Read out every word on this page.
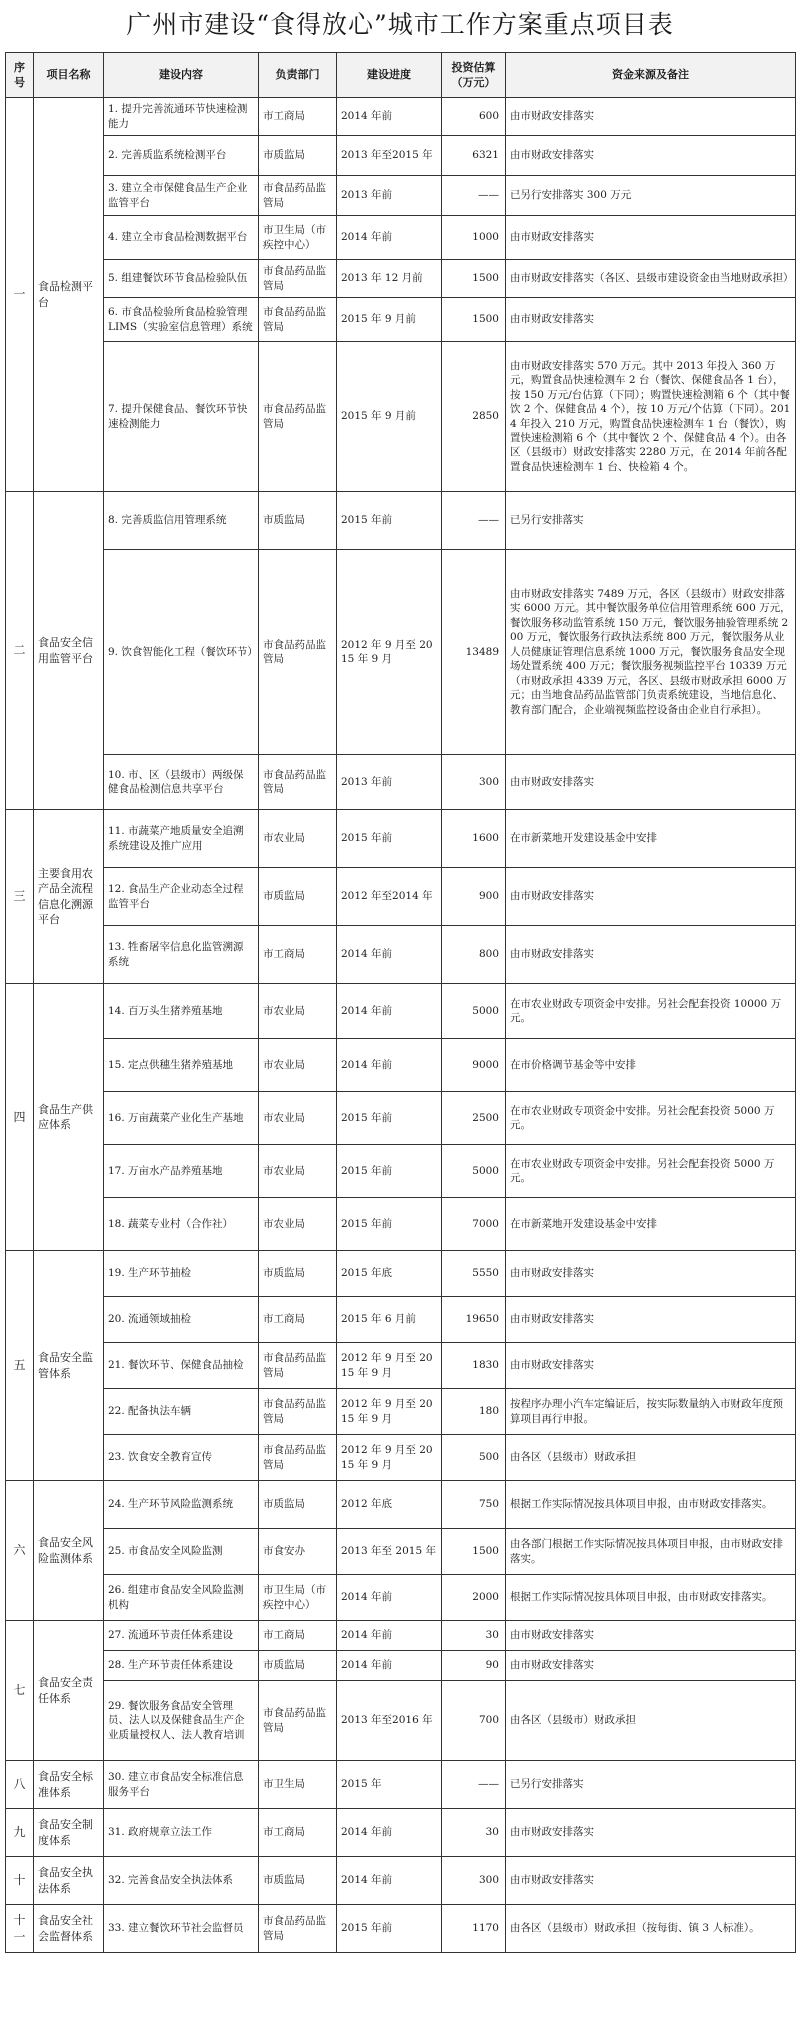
广州市建设“食得放心”城市工作方案重点项目表
序号	项目名称	建设内容	负责部门	建设进度	投资估算（万元）	资金来源及备注
一	食品检测平台	1. 提升完善流通环节快速检测能力	市工商局	2014 年前	600	由市财政安排落实
		2. 完善质监系统检测平台	市质监局	2013 年至2015 年	6321	由市财政安排落实
		3. 建立全市保健食品生产企业监管平台	市食品药品监管局	2013 年前	——	已另行安排落实 300 万元
		4. 建立全市食品检测数据平台	市卫生局（市疾控中心）	2014 年前	1000	由市财政安排落实
		5. 组建餐饮环节食品检验队伍	市食品药品监管局	2013 年 12 月前	1500	由市财政安排落实（各区、县级市建设资金由当地财政承担）
		6. 市食品检验所食品检验管理 LIMS（实验室信息管理）系统	市食品药品监管局	2015 年 9 月前	1500	由市财政安排落实
		7. 提升保健食品、餐饮环节快速检测能力	市食品药品监管局	2015 年 9 月前	2850	由市财政安排落实 570 万元。其中 2013 年投入 360 万元，购置食品快速检测车 2 台（餐饮、保健食品各 1 台），按 150 万元/台估算（下同）；购置快速检测箱 6 个（其中餐饮 2 个、保健食品 4 个），按 10 万元/个估算（下同）。2014 年投入 210 万元，购置食品快速检测车 1 台（餐饮），购置快速检测箱 6 个（其中餐饮 2 个、保健食品 4 个）。由各区（县级市）财政安排落实 2280 万元，在 2014 年前各配置食品快速检测车 1 台、快检箱 4 个。
二	食品安全信用监管平台	8. 完善质监信用管理系统	市质监局	2015 年前	——	已另行安排落实
		9. 饮食智能化工程（餐饮环节）	市食品药品监管局	2012 年 9 月至 2015 年 9 月	13489	由市财政安排落实 7489 万元，各区（县级市）财政安排落实 6000 万元。其中餐饮服务单位信用管理系统 600 万元，餐饮服务移动监管系统 150 万元，餐饮服务抽验管理系统 200 万元，餐饮服务行政执法系统 800 万元，餐饮服务从业人员健康证管理信息系统 1000 万元，餐饮服务食品安全现场处置系统 400 万元；餐饮服务视频监控平台 10339 万元（市财政承担 4339 万元，各区、县级市财政承担 6000 万元；由当地食品药品监管部门负责系统建设，当地信息化、教育部门配合，企业端视频监控设备由企业自行承担）。
		10. 市、区（县级市）两级保健食品检测信息共享平台	市食品药品监管局	2013 年前	300	由市财政安排落实
三	主要食用农产品全流程信息化溯源平台	11. 市蔬菜产地质量安全追溯系统建设及推广应用	市农业局	2015 年前	1600	在市新菜地开发建设基金中安排
		12. 食品生产企业动态全过程监管平台	市质监局	2012 年至2014 年	900	由市财政安排落实
		13. 牲畜屠宰信息化监管溯源系统	市工商局	2014 年前	800	由市财政安排落实
四	食品生产供应体系	14. 百万头生猪养殖基地	市农业局	2014 年前	5000	在市农业财政专项资金中安排。另社会配套投资 10000 万元。
		15. 定点供穗生猪养殖基地	市农业局	2014 年前	9000	在市价格调节基金等中安排
		16. 万亩蔬菜产业化生产基地	市农业局	2015 年前	2500	在市农业财政专项资金中安排。另社会配套投资 5000 万元。
		17. 万亩水产品养殖基地	市农业局	2015 年前	5000	在市农业财政专项资金中安排。另社会配套投资 5000 万元。
		18. 蔬菜专业村（合作社）	市农业局	2015 年前	7000	在市新菜地开发建设基金中安排
五	食品安全监管体系	19. 生产环节抽检	市质监局	2015 年底	5550	由市财政安排落实
		20. 流通领域抽检	市工商局	2015 年 6 月前	19650	由市财政安排落实
		21. 餐饮环节、保健食品抽检	市食品药品监管局	2012 年 9 月至 2015 年 9 月	1830	由市财政安排落实
		22. 配备执法车辆	市食品药品监管局	2012 年 9 月至 2015 年 9 月	180	按程序办理小汽车定编证后，按实际数量纳入市财政年度预算项目再行申报。
		23. 饮食安全教育宣传	市食品药品监管局	2012 年 9 月至 2015 年 9 月	500	由各区（县级市）财政承担
六	食品安全风险监测体系	24. 生产环节风险监测系统	市质监局	2012 年底	750	根据工作实际情况按具体项目申报，由市财政安排落实。
		25. 市食品安全风险监测	市食安办	2013 年至 2015 年	1500	由各部门根据工作实际情况按具体项目申报，由市财政安排落实。
		26. 组建市食品安全风险监测机构	市卫生局（市疾控中心）	2014 年前	2000	根据工作实际情况按具体项目申报，由市财政安排落实。
七	食品安全责任体系	27. 流通环节责任体系建设	市工商局	2014 年前	30	由市财政安排落实
		28. 生产环节责任体系建设	市质监局	2014 年前	90	由市财政安排落实
		29. 餐饮服务食品安全管理员、法人以及保健食品生产企业质量授权人、法人教育培训	市食品药品监管局	2013 年至2016 年	700	由各区（县级市）财政承担
八	食品安全标准体系	30. 建立市食品安全标准信息服务平台	市卫生局	2015 年	——	已另行安排落实
九	食品安全制度体系	31. 政府规章立法工作	市工商局	2014 年前	30	由市财政安排落实
十	食品安全执法体系	32. 完善食品安全执法体系	市质监局	2014 年前	300	由市财政安排落实
十一	食品安全社会监督体系	33. 建立餐饮环节社会监督员	市食品药品监管局	2015 年前	1170	由各区（县级市）财政承担（按每街、镇 3 人标准）。
